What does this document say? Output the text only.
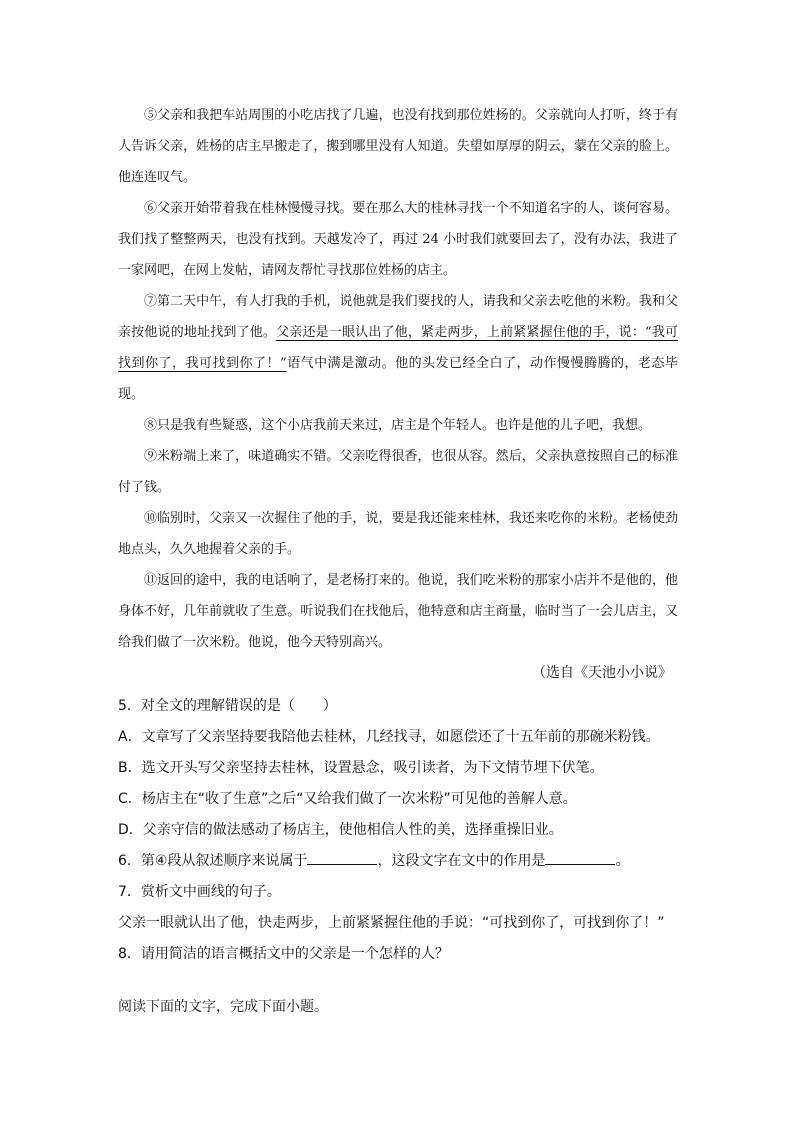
⑤父亲和我把车站周围的小吃店找了几遍，也没有找到那位姓杨的。父亲就向人打听，终于有人告诉父亲，姓杨的店主早搬走了，搬到哪里没有人知道。失望如厚厚的阴云，蒙在父亲的脸上。他连连叹气。

⑥父亲开始带着我在桂林慢慢寻找。要在那么大的桂林寻找一个不知道名字的人，谈何容易。我们找了整整两天，也没有找到。天越发冷了，再过 24 小时我们就要回去了，没有办法，我进了一家网吧，在网上发帖，请网友帮忙寻找那位姓杨的店主。

⑦第二天中午，有人打我的手机，说他就是我们要找的人，请我和父亲去吃他的米粉。我和父亲按他说的地址找到了他。父亲还是一眼认出了他，紧走两步，上前紧紧握住他的手，说：“我可找到你了，我可找到你了！”语气中满是激动。他的头发已经全白了，动作慢慢腾腾的，老态毕现。

⑧只是我有些疑惑，这个小店我前天来过，店主是个年轻人。也许是他的儿子吧，我想。

⑨米粉端上来了，味道确实不错。父亲吃得很香，也很从容。然后，父亲执意按照自己的标准付了钱。

⑩临别时，父亲又一次握住了他的手，说，要是我还能来桂林，我还来吃你的米粉。老杨使劲地点头，久久地握着父亲的手。

⑪返回的途中，我的电话响了，是老杨打来的。他说，我们吃米粉的那家小店并不是他的，他身体不好，几年前就收了生意。听说我们在找他后，他特意和店主商量，临时当了一会儿店主，又给我们做了一次米粉。他说，他今天特别高兴。

（选自《天池小小说》

5．对全文的理解错误的是（　　）

A．文章写了父亲坚持要我陪他去桂林，几经找寻，如愿偿还了十五年前的那碗米粉钱。

B．选文开头写父亲坚持去桂林，设置悬念，吸引读者，为下文情节埋下伏笔。

C．杨店主在“收了生意”之后“又给我们做了一次米粉”可见他的善解人意。

D．父亲守信的做法感动了杨店主，使他相信人性的美，选择重操旧业。

6．第④段从叙述顺序来说属于	，这段文字在文中的作用是	。

7．赏析文中画线的句子。

父亲一眼就认出了他，快走两步，上前紧紧握住他的手说：“可找到你了，可找到你了！”

8．请用简洁的语言概括文中的父亲是一个怎样的人？

阅读下面的文字，完成下面小题。
